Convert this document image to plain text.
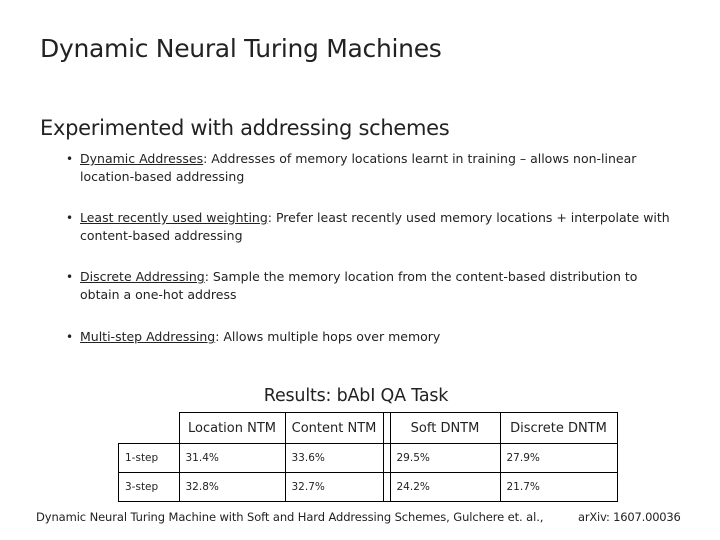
Dynamic Neural Turing Machines
Experimented with addressing schemes
• Dynamic Addresses: Addresses of memory locations learnt in training – allows non-linear location-based addressing
• Least recently used weighting: Prefer least recently used memory locations + interpolate with content-based addressing
• Discrete Addressing: Sample the memory location from the content-based distribution to obtain a one-hot address
• Multi-step Addressing: Allows multiple hops over memory
Results: bAbI QA Task
	Location NTM	Content NTM		Soft DNTM	Discrete DNTM
1-step	31.4%	33.6%		29.5%	27.9%
3-step	32.8%	32.7%		24.2%	21.7%
Dynamic Neural Turing Machine with Soft and Hard Addressing Schemes, Gulchere et. al.,	arXiv: 1607.00036
